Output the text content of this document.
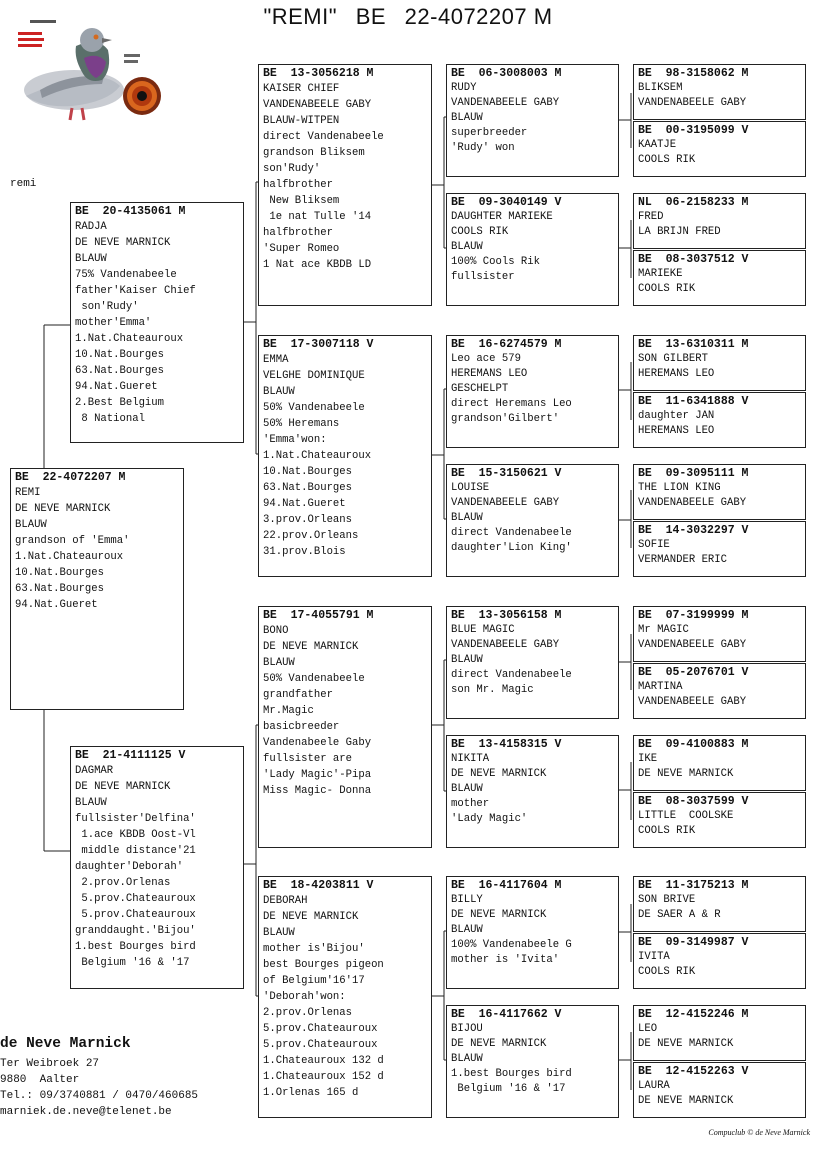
"REMI" BE 22-4072207 M
remi
BE  22-4072207 M
REMI
DE NEVE MARNICK
BLAUW
grandson of 'Emma'
1.Nat.Chateauroux
10.Nat.Bourges
63.Nat.Bourges
94.Nat.Gueret
BE  20-4135061 M
RADJA
DE NEVE MARNICK
BLAUW
75% Vandenabeele
father'Kaiser Chief
son'Rudy'
mother'Emma'
1.Nat.Chateauroux
10.Nat.Bourges
63.Nat.Bourges
94.Nat.Gueret
2.Best Belgium
8 National
BE  21-4111125 V
DAGMAR
DE NEVE MARNICK
BLAUW
fullsister'Delfina'
1.ace KBDB Oost-Vl
middle distance'21
daughter'Deborah'
2.prov.Orlenas
5.prov.Chateauroux
5.prov.Chateauroux
granddaught.'Bijou'
1.best Bourges bird
Belgium '16 & '17
BE  13-3056218 M
KAISER CHIEF
VANDENABEELE GABY
BLAUW-WITPEN
direct Vandenabeele
grandson Bliksem
son'Rudy'
halfbrother
New Bliksem
1e nat Tulle '14
halfbrother
'Super Romeo
1 Nat ace KBDB LD
BE  17-3007118 V
EMMA
VELGHE DOMINIQUE
BLAUW
50% Vandenabeele
50% Heremans
'Emma'won:
1.Nat.Chateauroux
10.Nat.Bourges
63.Nat.Bourges
94.Nat.Gueret
3.prov.Orleans
22.prov.Orleans
31.prov.Blois
BE  17-4055791 M
BONO
DE NEVE MARNICK
BLAUW
50% Vandenabeele
grandfather
Mr.Magic
basicbreeder
Vandenabeele Gaby
fullsister are
'Lady Magic'-Pipa
Miss Magic- Donna
BE  18-4203811 V
DEBORAH
DE NEVE MARNICK
BLAUW
mother is'Bijou'
best Bourges pigeon
of Belgium'16'17
'Deborah'won:
2.prov.Orlenas
5.prov.Chateauroux
5.prov.Chateauroux
1.Chateauroux 132 d
1.Chateauroux 152 d
1.Orlenas 165 d
BE  06-3008003 M
RUDY
VANDENABEELE GABY
BLAUW
superbreeder
'Rudy' won
BE  09-3040149 V
DAUGHTER MARIEKE
COOLS RIK
BLAUW
100% Cools Rik
fullsister
BE  16-6274579 M
Leo ace 579
HEREMANS LEO
GESCHELPT
direct Heremans Leo
grandson'Gilbert'
BE  15-3150621 V
LOUISE
VANDENABEELE GABY
BLAUW
direct Vandenabeele
daughter'Lion King'
BE  13-3056158 M
BLUE MAGIC
VANDENABEELE GABY
BLAUW
direct Vandenabeele
son Mr. Magic
BE  13-4158315 V
NIKITA
DE NEVE MARNICK
BLAUW
mother
'Lady Magic'
BE  16-4117604 M
BILLY
DE NEVE MARNICK
BLAUW
100% Vandenabeele G
mother is 'Ivita'
BE  16-4117662 V
BIJOU
DE NEVE MARNICK
BLAUW
1.best Bourges bird
Belgium '16 & '17
BE  98-3158062 M
BLIKSEM
VANDENABEELE GABY
BE  00-3195099 V
KAATJE
COOLS RIK
NL  06-2158233 M
FRED
LA BRIJN FRED
BE  08-3037512 V
MARIEKE
COOLS RIK
BE  13-6310311 M
SON GILBERT
HEREMANS LEO
BE  11-6341888 V
daughter JAN
HEREMANS LEO
BE  09-3095111 M
THE LION KING
VANDENABEELE GABY
BE  14-3032297 V
SOFIE
VERMANDER ERIC
BE  07-3199999 M
Mr MAGIC
VANDENABEELE GABY
BE  05-2076701 V
MARTINA
VANDENABEELE GABY
BE  09-4100883 M
IKE
DE NEVE MARNICK
BE  08-3037599 V
LITTLE  COOLSKE
COOLS RIK
BE  11-3175213 M
SON BRIVE
DE SAER A & R
BE  09-3149987 V
IVITA
COOLS RIK
BE  12-4152246 M
LEO
DE NEVE MARNICK
BE  12-4152263 V
LAURA
DE NEVE MARNICK
de Neve Marnick
Ter Weibroek 27
9880  Aalter
Tel.: 09/3740881 / 0470/460685
marniek.de.neve@telenet.be
Compuclub © de Neve Marnick
